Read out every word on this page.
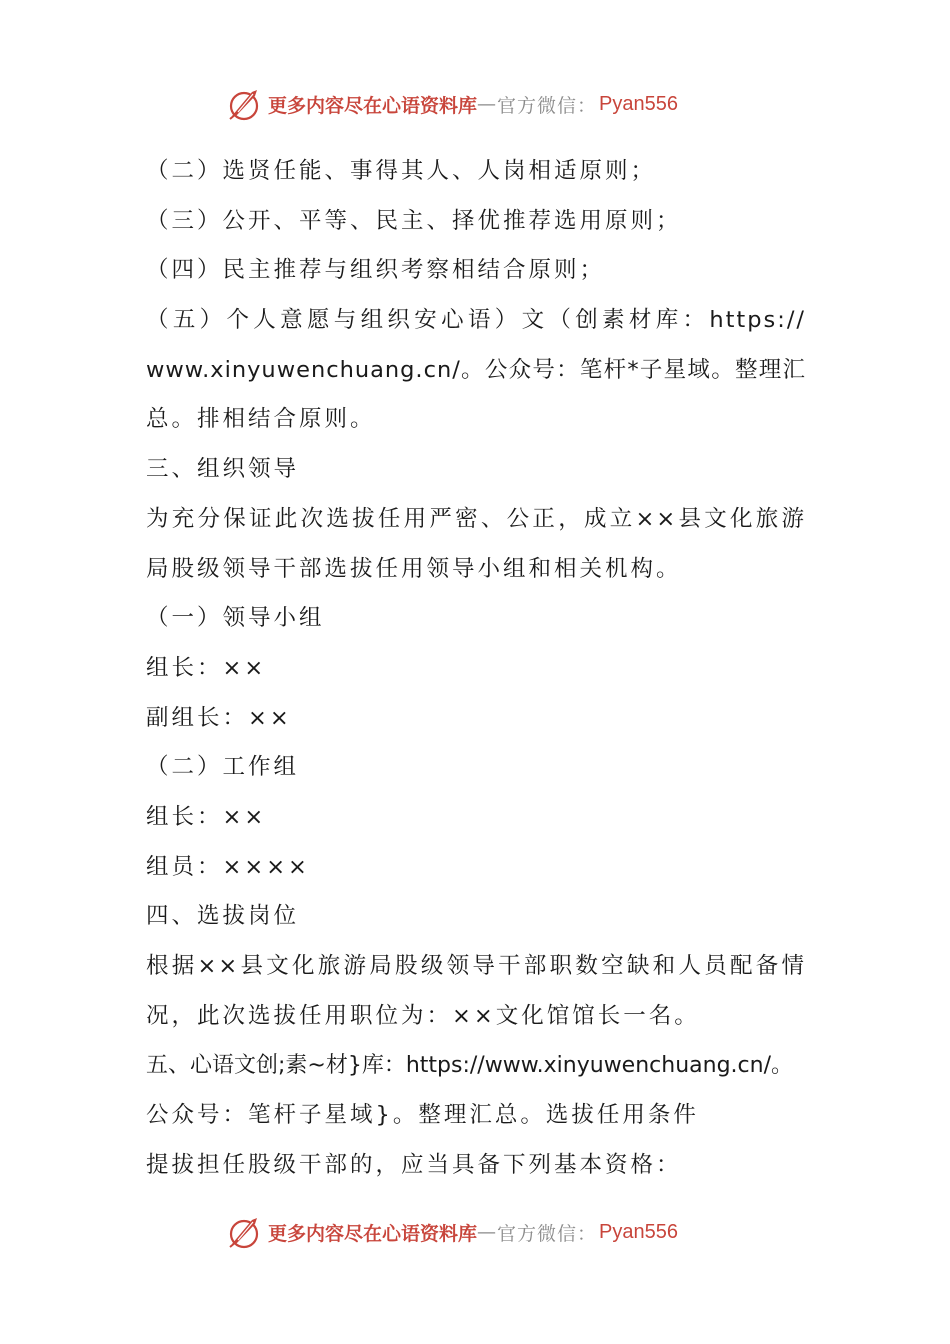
更多内容尽在心语资料库 — 官方微信： Pyan556
（二）选贤任能、事得其人、人岗相适原则；
（三）公开、平等、民主、择优推荐选用原则；
（四）民主推荐与组织考察相结合原则；
（五）个人意愿与组织安心语）文（创素材库：https://
www.xinyuwenchuang.cn/。公众号：笔杆*子星域。整理汇
总。排相结合原则。
三、组织领导
为充分保证此次选拔任用严密、公正，成立××县文化旅游
局股级领导干部选拔任用领导小组和相关机构。
（一）领导小组
组长：××
副组长：××
（二）工作组
组长：××
组员：××××
四、选拔岗位
根据××县文化旅游局股级领导干部职数空缺和人员配备情
况，此次选拔任用职位为：××文化馆馆长一名。
五、心语文创;素~材}库：https://www.xinyuwenchuang.cn/。
公众号：笔杆子星域}。整理汇总。选拔任用条件
提拔担任股级干部的，应当具备下列基本资格：
更多内容尽在心语资料库 — 官方微信： Pyan556
